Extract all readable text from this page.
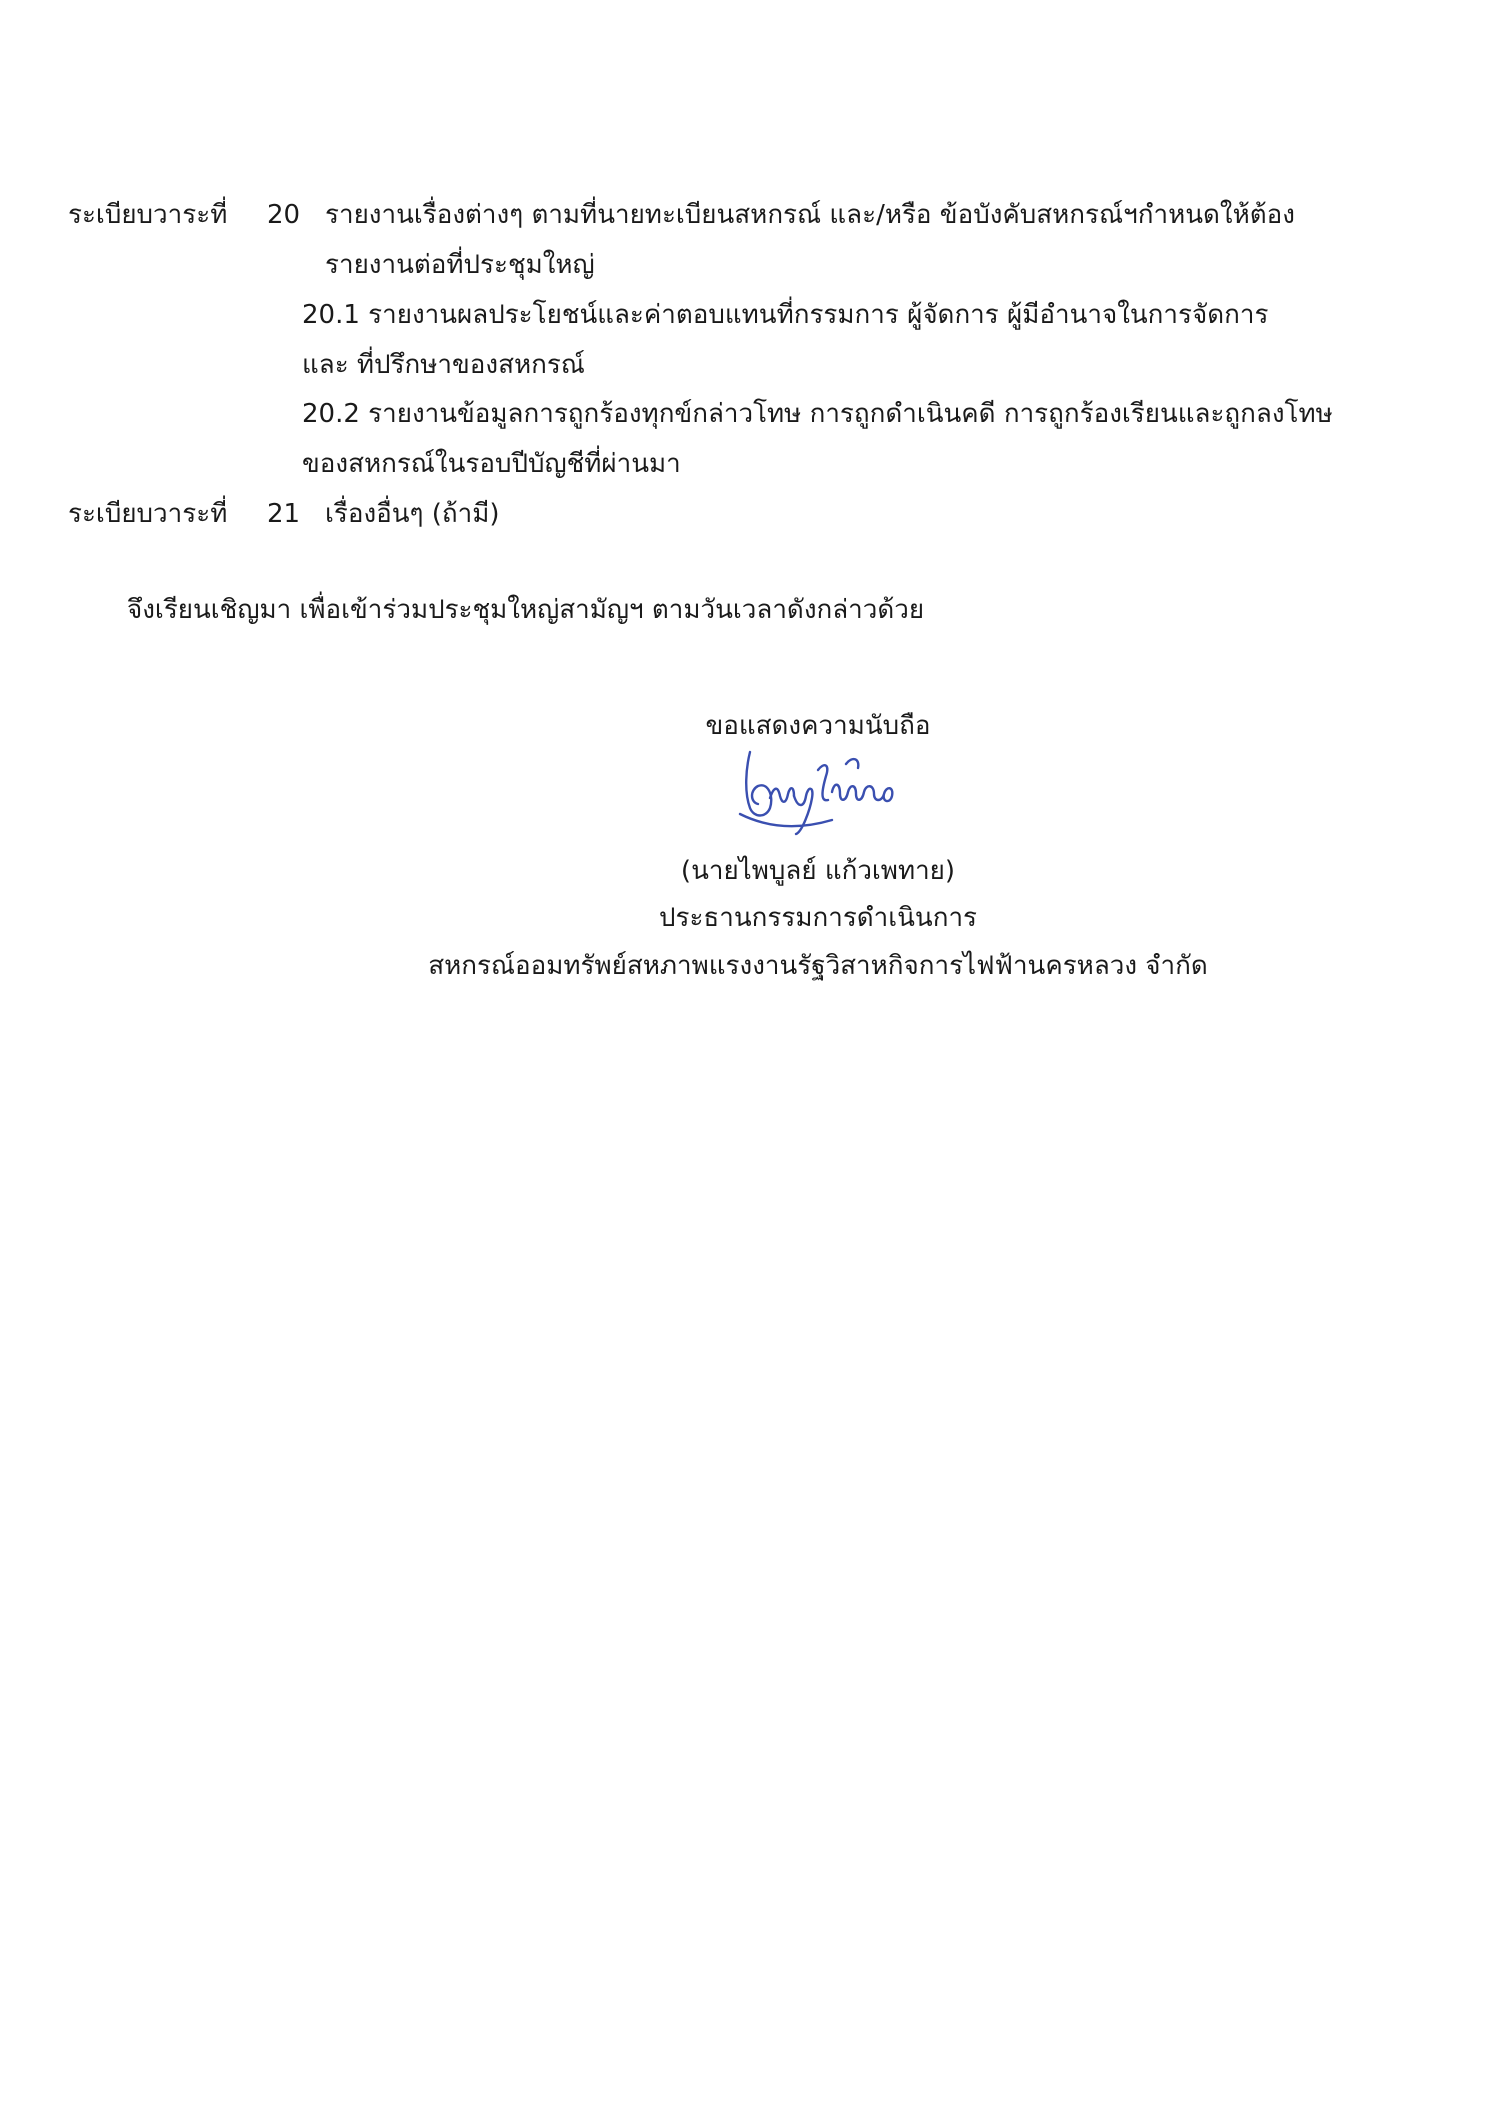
ระเบียบวาระที่ 20 รายงานเรื่องต่างๆ ตามที่นายทะเบียนสหกรณ์ และ/หรือ ข้อบังคับสหกรณ์ฯกำหนดให้ต้อง
รายงานต่อที่ประชุมใหญ่
20.1 รายงานผลประโยชน์และค่าตอบแทนที่กรรมการ ผู้จัดการ ผู้มีอำนาจในการจัดการ
และ ที่ปรึกษาของสหกรณ์
20.2 รายงานข้อมูลการถูกร้องทุกข์กล่าวโทษ การถูกดำเนินคดี การถูกร้องเรียนและถูกลงโทษ
ของสหกรณ์ในรอบปีบัญชีที่ผ่านมา
ระเบียบวาระที่ 21 เรื่องอื่นๆ (ถ้ามี)
จึงเรียนเชิญมา เพื่อเข้าร่วมประชุมใหญ่สามัญฯ ตามวันเวลาดังกล่าวด้วย
ขอแสดงความนับถือ
(นายไพบูลย์ แก้วเพทาย)
ประธานกรรมการดำเนินการ
สหกรณ์ออมทรัพย์สหภาพแรงงานรัฐวิสาหกิจการไฟฟ้านครหลวง จำกัด
